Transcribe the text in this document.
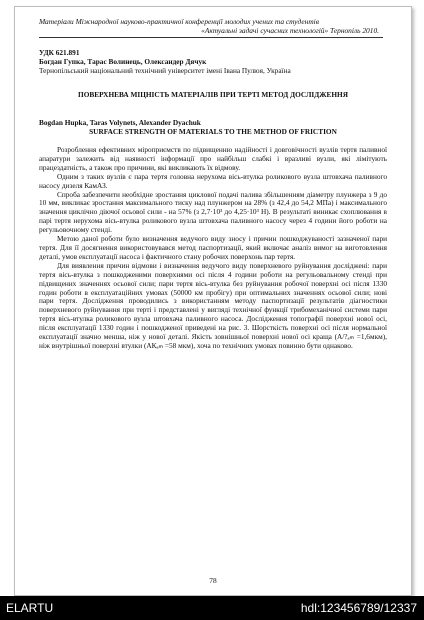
Матеріали Міжнародної науково-практичної конференції молодих учених та студентів
«Актуальні задачі сучасних технологій» Тернопіль 2010.
УДК 621.891
Богдан Гупка, Тарас Волинець, Олександер Дячук
Тернопільський національний технічний університет імені Івана Пулюя, Україна
ПОВЕРХНЕВА МІЦНІСТЬ МАТЕРІАЛІВ ПРИ ТЕРТІ МЕТОД ДОСЛІДЖЕННЯ
Bogdan Hupka, Taras Volynets, Alexander Dyachuk
SURFACE STRENGTH OF MATERIALS TO THE METHOD OF FRICTION

Розроблення ефективних міроприємств по підвищенню надійності і довговічності вузлів тертя паливної апаратури залежить від наявності інформації про найбільш слабкі і вразливі вузли, які лімітують працездатність, а також про причини, які викликають їх відмову.

Одним з таких вузлів є пара тертя головна нерухома вісь-втулка роликового вузла штовхача паливного насосу дизеля КамАЗ.

Спроба забезпечити необхідне зростання циклової подачі палива збільшенням діаметру плунжера з 9 до 10 мм, викликає зростання максимального тиску над плунжером на 28% (з 42,4 до 54,2 МПа) і максимального значення циклічно діючої осьової сили - на 57% (з 2,7·10³ до 4,25·10³ Н). В результаті виникає схоплювання в парі тертя нерухома вісь-втулка роликового вузла штовхача паливного насосу через 4 години його роботи на регульовочному стенді.

Метою даної роботи було визначення ведучого виду зносу і причин пошкоджуваності зазначеної пари тертя. Для її досягнення використовувався метод паспортизації, який включає аналіз вимог на виготовлення деталі, умов експлуатації насоса і фактичного стану робочих поверхонь пар тертя.

Для виявлення причин відмови і визначення ведучого виду поверхневого руйнування досліджені: пари тертя вісь-втулка з пошкодженими поверхнями осі після 4 години роботи на регульовальному стенді при підвищених значеннях осьової сили; пари тертя вісь-втулка без руйнування робочої поверхні осі після 1330 годин роботи в експлуатаційних умовах (50000 км пробігу) при оптимальних значеннях осьової сили; нові пари тертя. Дослідження проводились з використанням методу паспортизації результатів діагностики поверхневого руйнування при терті і представлені у вигляді технічної функції трибомеханічної системи пари тертя вісь-втулка роликового вузла штовхача паливного насоса. Дослідження топографії поверхні нової осі, після експлуатації 1330 годин і пошкодженої приведені на рис. 3. Шорсткість поверхні осі після нормальної експлуатації значно менша, ніж у нової деталі. Якість зовнішньої поверхні нової осі краща (А/?ₐₘ =1,6мкм), ніж внутрішньої поверхні втулки (АКₐₘ =58 мкм), хоча по технічних умовах повинно бути однаково.

78
ELARTU	hdl:123456789/12337
